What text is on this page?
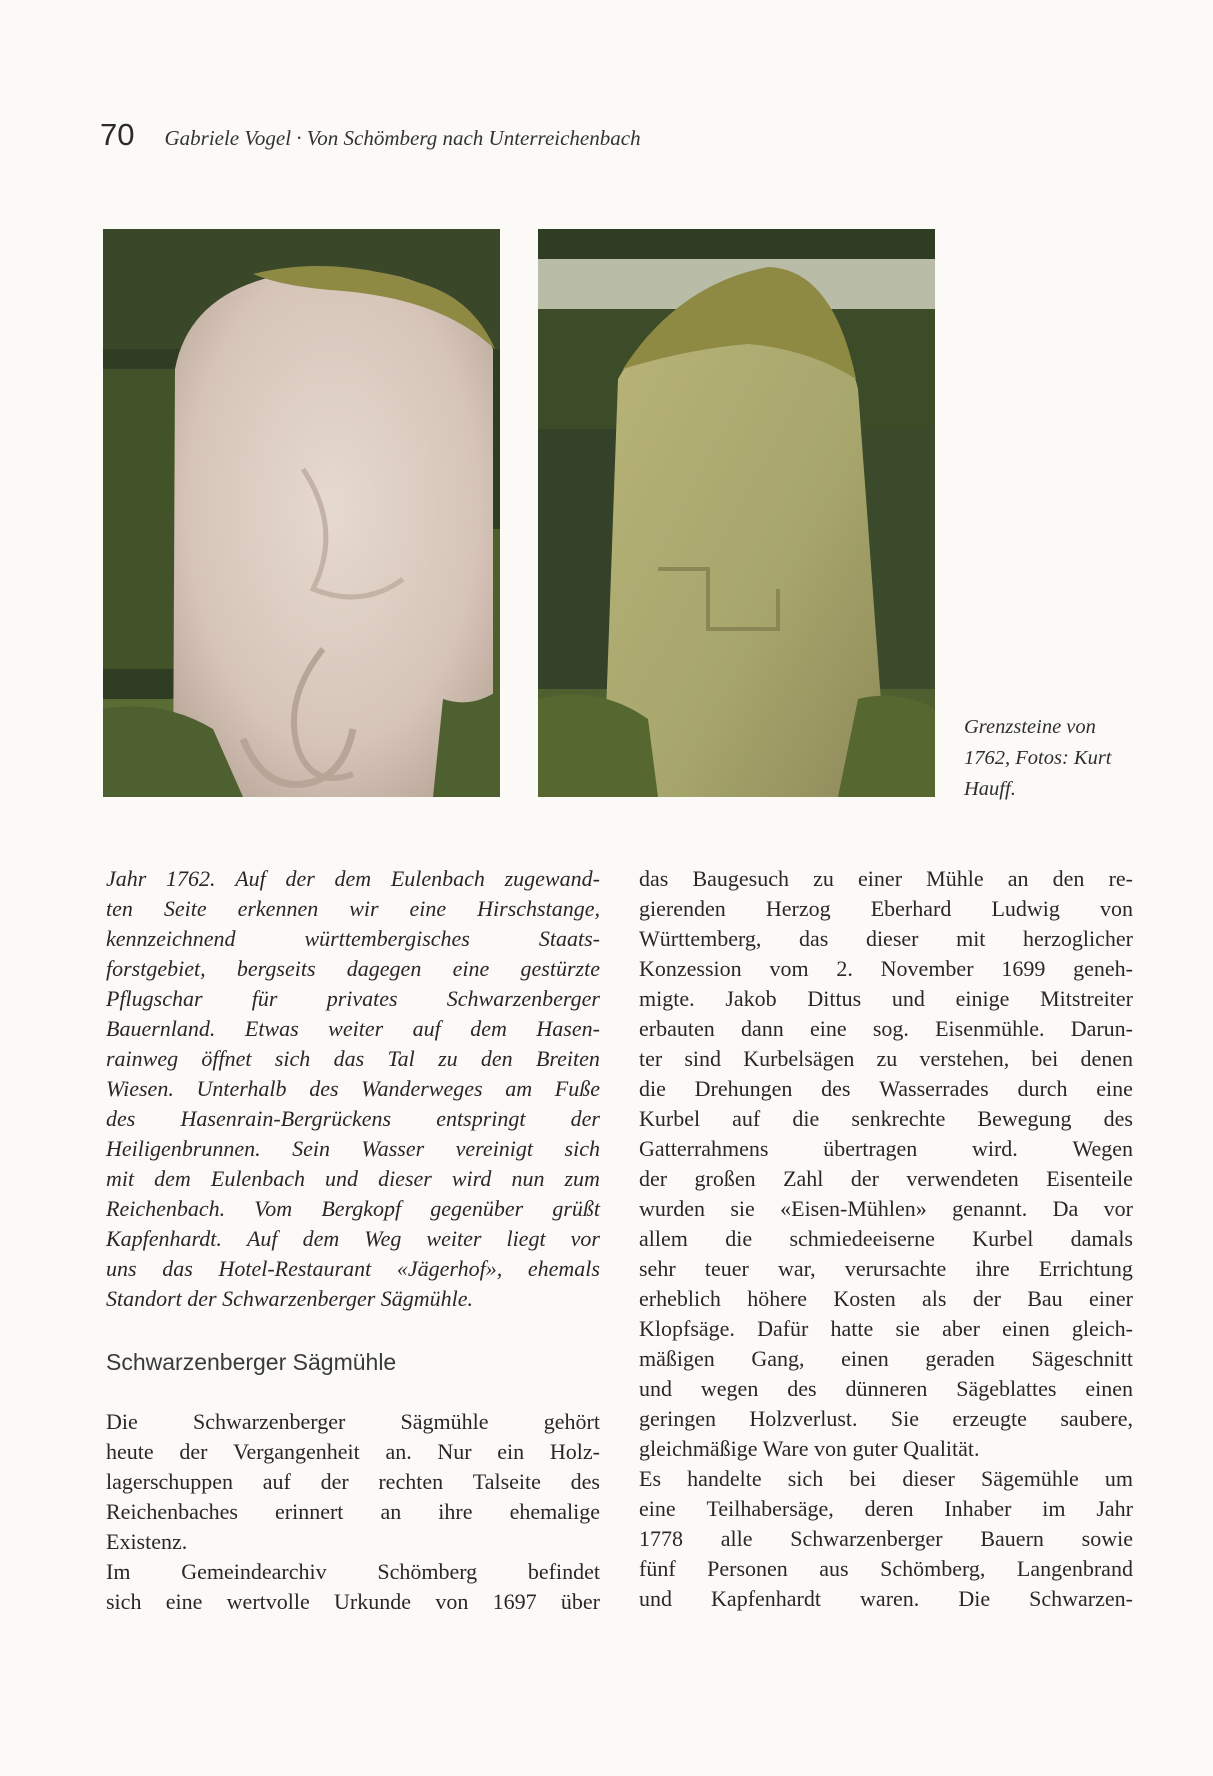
70 Gabriele Vogel · Von Schömberg nach Unterreichenbach
Grenzsteine von
1762, Fotos: Kurt
Hauff.
Jahr 1762. Auf der dem Eulenbach zugewand-
ten Seite erkennen wir eine Hirschstange,
kennzeichnend	württembergisches	Staats-
forstgebiet, bergseits dagegen eine gestürzte
Pflugschar für privates Schwarzenberger
Bauernland. Etwas weiter auf dem Hasen-
rainweg öffnet sich das Tal zu den Breiten
Wiesen. Unterhalb des Wanderweges am Fuße
des Hasenrain-Bergrückens entspringt der
Heiligenbrunnen. Sein Wasser vereinigt sich
mit dem Eulenbach und dieser wird nun zum
Reichenbach. Vom Bergkopf gegenüber grüßt
Kapfenhardt. Auf dem Weg weiter liegt vor
uns das Hotel-Restaurant «Jägerhof», ehemals
Standort der Schwarzenberger Sägmühle.
Schwarzenberger Sägmühle
Die	Schwarzenberger	Sägmühle	gehört
heute der Vergangenheit an. Nur ein Holz-
lagerschuppen auf der rechten Talseite des
Reichenbaches erinnert an ihre ehemalige
Existenz.
Im Gemeindearchiv Schömberg befindet
sich eine wertvolle Urkunde von 1697 über
das Baugesuch zu einer Mühle an den re-
gierenden Herzog Eberhard Ludwig von
Württemberg, das dieser mit herzoglicher
Konzession vom 2. November 1699 geneh-
migte. Jakob Dittus und einige Mitstreiter
erbauten dann eine sog. Eisenmühle. Darun-
ter sind Kurbelsägen zu verstehen, bei denen
die Drehungen des Wasserrades durch eine
Kurbel auf die senkrechte Bewegung des
Gatterrahmens übertragen wird. Wegen
der großen Zahl der verwendeten Eisenteile
wurden sie «Eisen-Mühlen» genannt. Da vor
allem die schmiedeeiserne Kurbel damals
sehr teuer war, verursachte ihre Errichtung
erheblich höhere Kosten als der Bau einer
Klopfsäge. Dafür hatte sie aber einen gleich-
mäßigen Gang, einen geraden Sägeschnitt
und wegen des dünneren Sägeblattes einen
geringen Holzverlust. Sie erzeugte saubere,
gleichmäßige Ware von guter Qualität.
Es handelte sich bei dieser Sägemühle um
eine Teilhabersäge, deren Inhaber im Jahr
1778 alle Schwarzenberger Bauern sowie
fünf Personen aus Schömberg, Langenbrand
und Kapfenhardt waren. Die Schwarzen-
